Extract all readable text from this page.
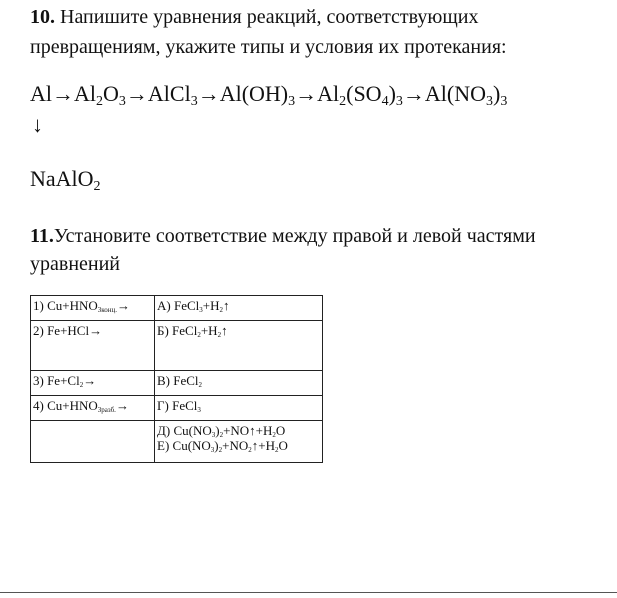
10. Напишите уравнения реакций, соответствующих
превращениям, укажите типы и условия их протекания:
$Al\to Al_2O_3\to AlCl_3\to Al(OH)_3\to Al_2(SO_4)_3\to Al(NO_3)_3$
↓
NaAlO$_2$
11.Установите соответствие между правой и левой частями
уравнений
1) $Cu+HNO_{3конц.}\to$	А) $FeCl_3+H_2↑$
2) Fe+HCl→	Б) $FeCl_2+H_2↑$
3) $Fe+Cl_2\to$	В) FeCl$_2$
4) $Cu+HNO_{3разб.}\to$	Г) FeCl$_3$
	Д) $Cu(NO_3)_2+NO↑+H_2O$
Е) $Cu(NO_3)_2+NO_2↑+H_2O$
